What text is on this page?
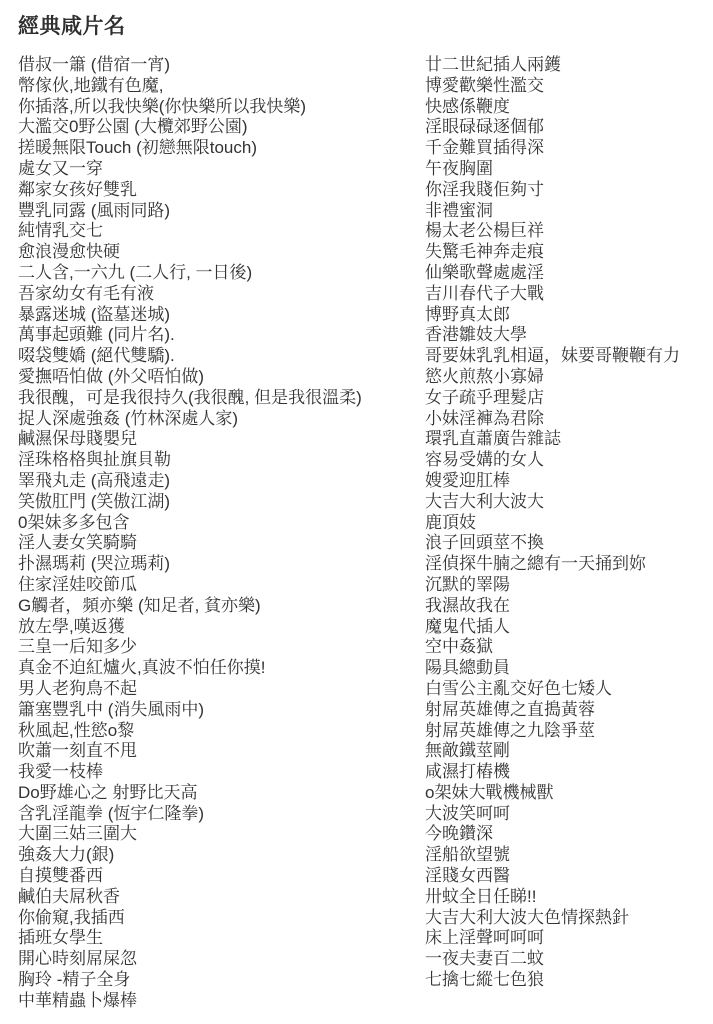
經典咸片名
借叔一簫 (借宿一宵)
幣傢伙,地鐵有色魔,
你插落,所以我快樂(你快樂所以我快樂)
大濫交0野公園 (大欖郊野公園)
搓暖無限Touch (初戀無限touch)
處女又一穿
鄰家女孩好雙乳
豐乳同露 (風雨同路)
純情乳交七
愈浪漫愈快硬
二人含,一六九 (二人行, 一日後)
吾家幼女有毛有液
暴露迷城 (盜墓迷城)
萬事起頭難 (同片名).
啜袋雙嬌 (絕代雙驕).
愛撫唔怕做 (外父唔怕做)
我很醜，可是我很持久(我很醜, 但是我很溫柔)
捉人深處強姦 (竹林深處人家)
鹹濕保母賤嬰兒
淫珠格格與扯旗貝勒
睪飛丸走 (高飛遠走)
笑傲肛門 (笑傲江湖)
0架妹多多包含
淫人妻女笑騎騎
扑濕瑪莉 (哭泣瑪莉)
住家淫娃咬節瓜
G觸者，頻亦樂 (知足者, 貧亦樂)
放左學,嘆返獲
三皇一后知多少
真金不迫紅爐火,真波不怕任你摸!
男人老狗鳥不起
簫塞豐乳中 (消失風雨中)
秋風起,性慾o黎
吹蕭一刻直不甩
我愛一枝棒
Do野雄心之 射野比天高
含乳淫龍拳 (恆宇仁隆拳)
大圍三姑三圍大
強姦大力(銀)
自摸雙番西
鹹伯夫屌秋香
你偷窺,我插西
插班女學生
開心時刻屌屎忽
胸玲 -精子全身
中華精蟲卜爆棒
廿二世紀插人兩鑊
博愛歡樂性濫交
快感係鞭度
淫眼碌碌逐個郁
千金難買插得深
午夜胸圍
你淫我賤佢夠寸
非禮蜜洞
楊太老公楊巨祥
失驚毛神奔走痕
仙樂歌聲處處淫
吉川春代子大戰
博野真太郎
香港雛妓大學
哥要妹乳乳相逼，妹要哥鞭鞭有力
慾火煎熬小寡婦
女子疏乎理髮店
小妹淫褲為君除
環乳直蕭廣告雜誌
容易受媾的女人
嫂愛迎肛棒
大吉大利大波大
鹿頂妓
浪子回頭莖不換
淫偵探牛腩之總有一天捅到妳
沉默的睪陽
我濕故我在
魔鬼代插人
空中姦獄
陽具總動員
白雪公主亂交好色七矮人
射屌英雄傳之直搗黃蓉
射屌英雄傳之九陰爭莖
無敵鐵莖剛
咸濕打樁機
o架妹大戰機械獸
大波笑呵呵
今晚鑽深
淫船欲望號
淫賤女西醫
卅蚊全日任睇!!
大吉大利大波大色情探熱針
床上淫聲呵呵呵
一夜夫妻百二蚊
七擒七縱七色狼
